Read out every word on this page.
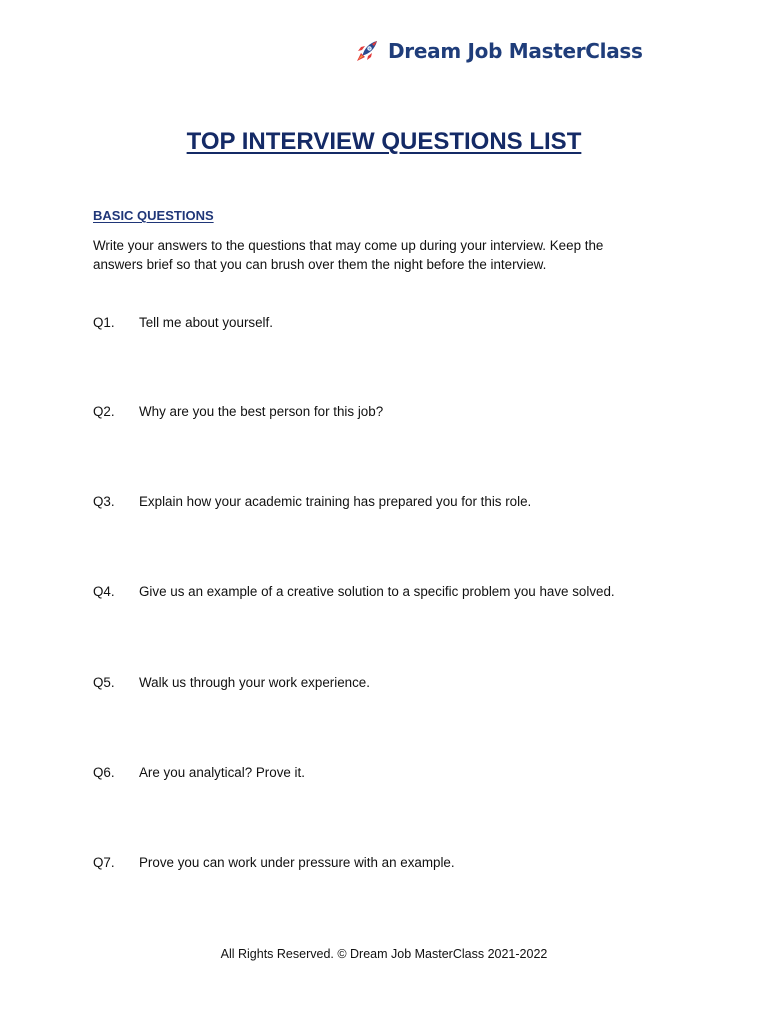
Dream Job MasterClass
TOP INTERVIEW QUESTIONS LIST
BASIC QUESTIONS
Write your answers to the questions that may come up during your interview. Keep the answers brief so that you can brush over them the night before the interview.
Q1.	Tell me about yourself.
Q2.	Why are you the best person for this job?
Q3.	Explain how your academic training has prepared you for this role.
Q4.	Give us an example of a creative solution to a specific problem you have solved.
Q5.	Walk us through your work experience.
Q6.	Are you analytical? Prove it.
Q7.	Prove you can work under pressure with an example.
All Rights Reserved. © Dream Job MasterClass 2021-2022
